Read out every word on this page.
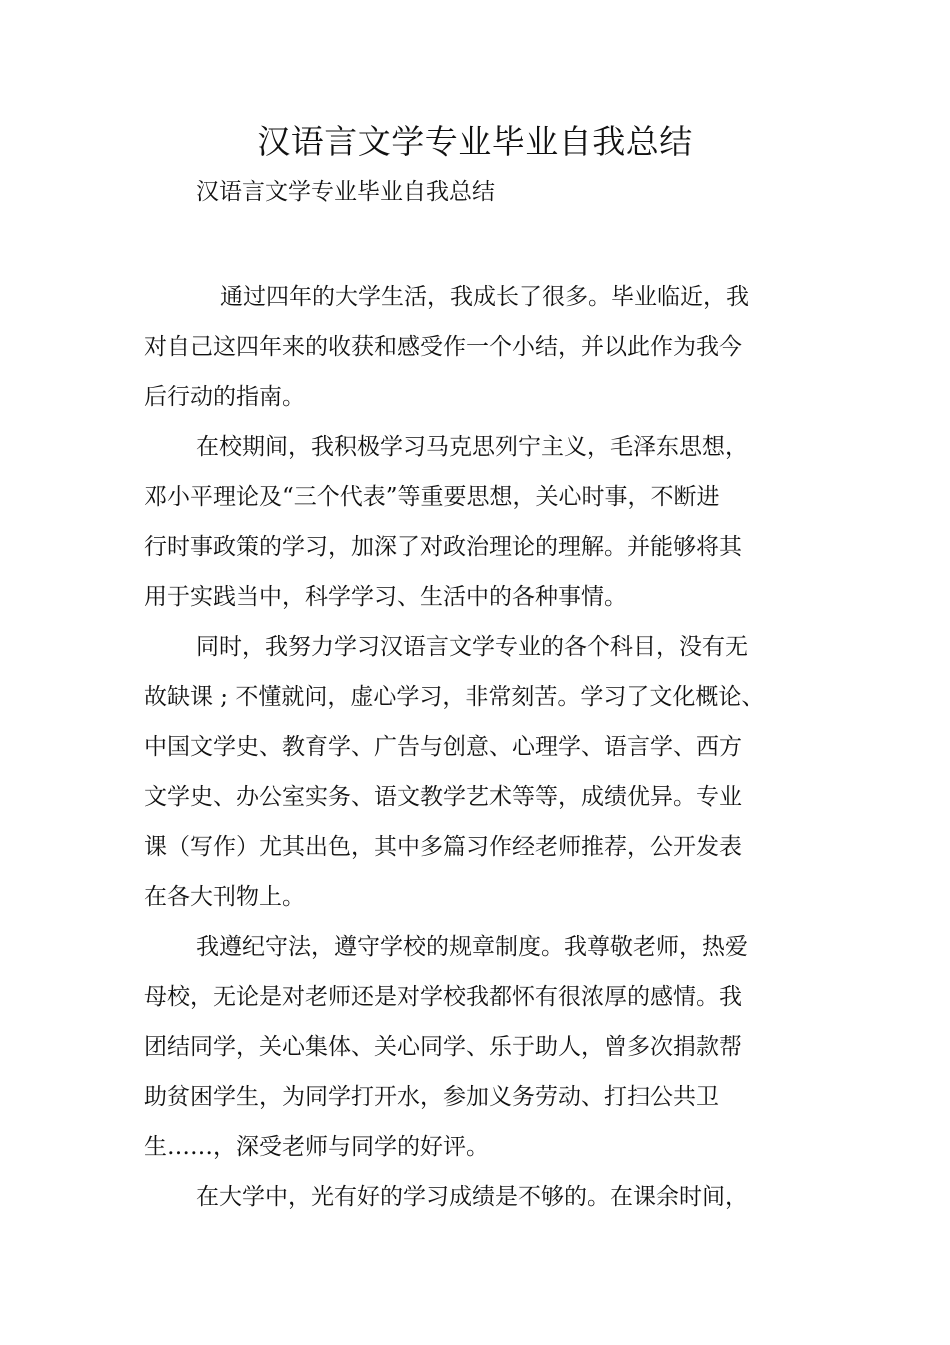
汉语言文学专业毕业自我总结
汉语言文学专业毕业自我总结
通过四年的大学生活，我成长了很多。毕业临近，我
对自己这四年来的收获和感受作一个小结，并以此作为我今
后行动的指南。
在校期间，我积极学习马克思列宁主义，毛泽东思想，
邓小平理论及“三个代表”等重要思想，关心时事，不断进
行时事政策的学习，加深了对政治理论的理解。并能够将其
用于实践当中，科学学习、生活中的各种事情。
同时，我努力学习汉语言文学专业的各个科目，没有无
故缺课 ; 不懂就问，虚心学习，非常刻苦。学习了文化概论、
中国文学史、教育学、广告与创意、心理学、语言学、西方
文学史、办公室实务、语文教学艺术等等，成绩优异。专业
课（写作）尤其出色，其中多篇习作经老师推荐，公开发表
在各大刊物上。
我遵纪守法，遵守学校的规章制度。我尊敬老师，热爱
母校，无论是对老师还是对学校我都怀有很浓厚的感情。我
团结同学，关心集体、关心同学、乐于助人，曾多次捐款帮
助贫困学生，为同学打开水，参加义务劳动、打扫公共卫
生……，深受老师与同学的好评。
在大学中，光有好的学习成绩是不够的。在课余时间，
